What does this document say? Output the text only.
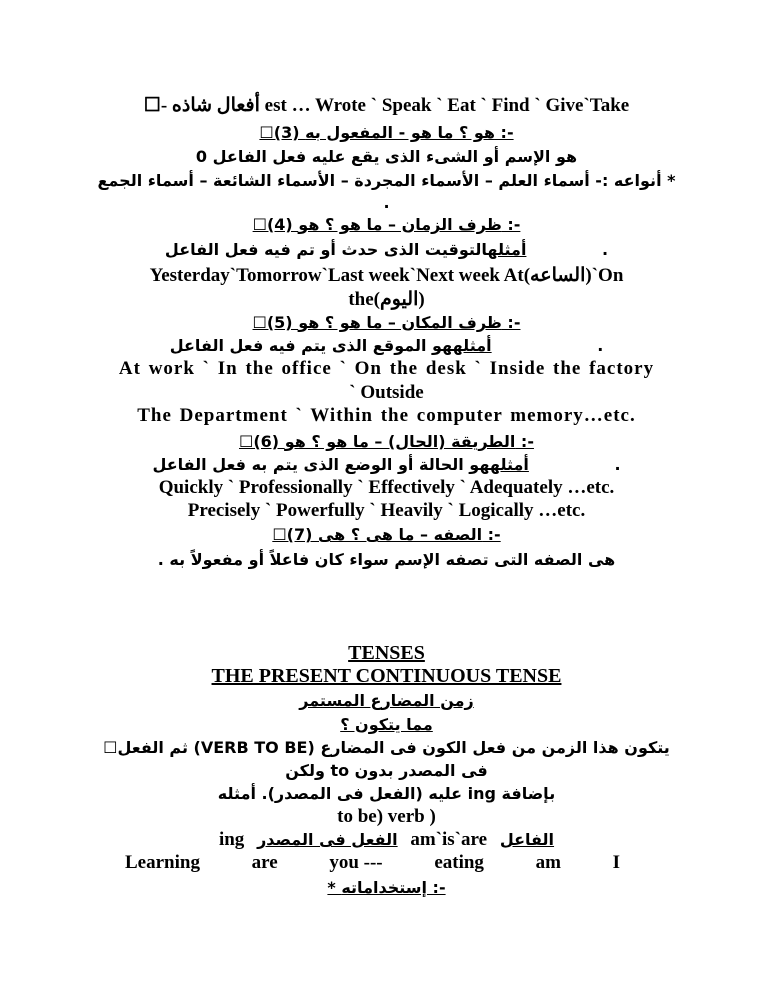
☐- أفعال شاذه est … Wrote ` Speak ` Eat ` Find ` Give`Take
☐(3) هو ؟ ما هو - المفعول به :-
هو الإسم أو الشىء الذى يقع عليه فعل الفاعل 0
أنواعه :- أسماء العلم – الأسماء المجردة – الأسماء الشائعة – أسماء الجمع *
.
☐(4) ظرف الزمان – ما هو ؟ هو :-
أمثلهالتوقيت الذى حدث أو تم فيه فعل الفاعل .
Yesterday`Tomorrow`Last week`Next week At(الساعه)`On
the(اليوم)
☐(5) ظرف المكان – ما هو ؟ هو :-
أمثلههو الموقع الذى يتم فيه فعل الفاعل .
At work ` In the office ` On the desk ` Inside the factory
` Outside
The Department ` Within the computer memory…etc.
☐(6) الطريقة (الحال) – ما هو ؟ هو :-
أمثلههو الحالة أو الوضع الذى يتم به فعل الفاعل .
Quickly ` Professionally ` Effectively ` Adequately …etc.
Precisely ` Powerfully ` Heavily ` Logically …etc.
☐(7) الصفه – ما هى ؟ هى :-
. هى الصفه التى تصفه الإسم سواء كان فاعلاً أو مفعولاً به
TENSES
THE PRESENT CONTINUOUS TENSE
زمن المضارع المستمر
مما يتكون ؟
☐ثم الفعل (VERB TO BE) يتكون هذا الزمن من فعل الكون فى المضارع
ولكن to فى المصدر بدون
عليه (الفعل فى المصدر). أمثله ing بإضافة
to be) verb )
ing الفعل فى المصدر am`is`are الفاعل
Learning	are	you ---	eating	am	I
* إستخداماته :-
